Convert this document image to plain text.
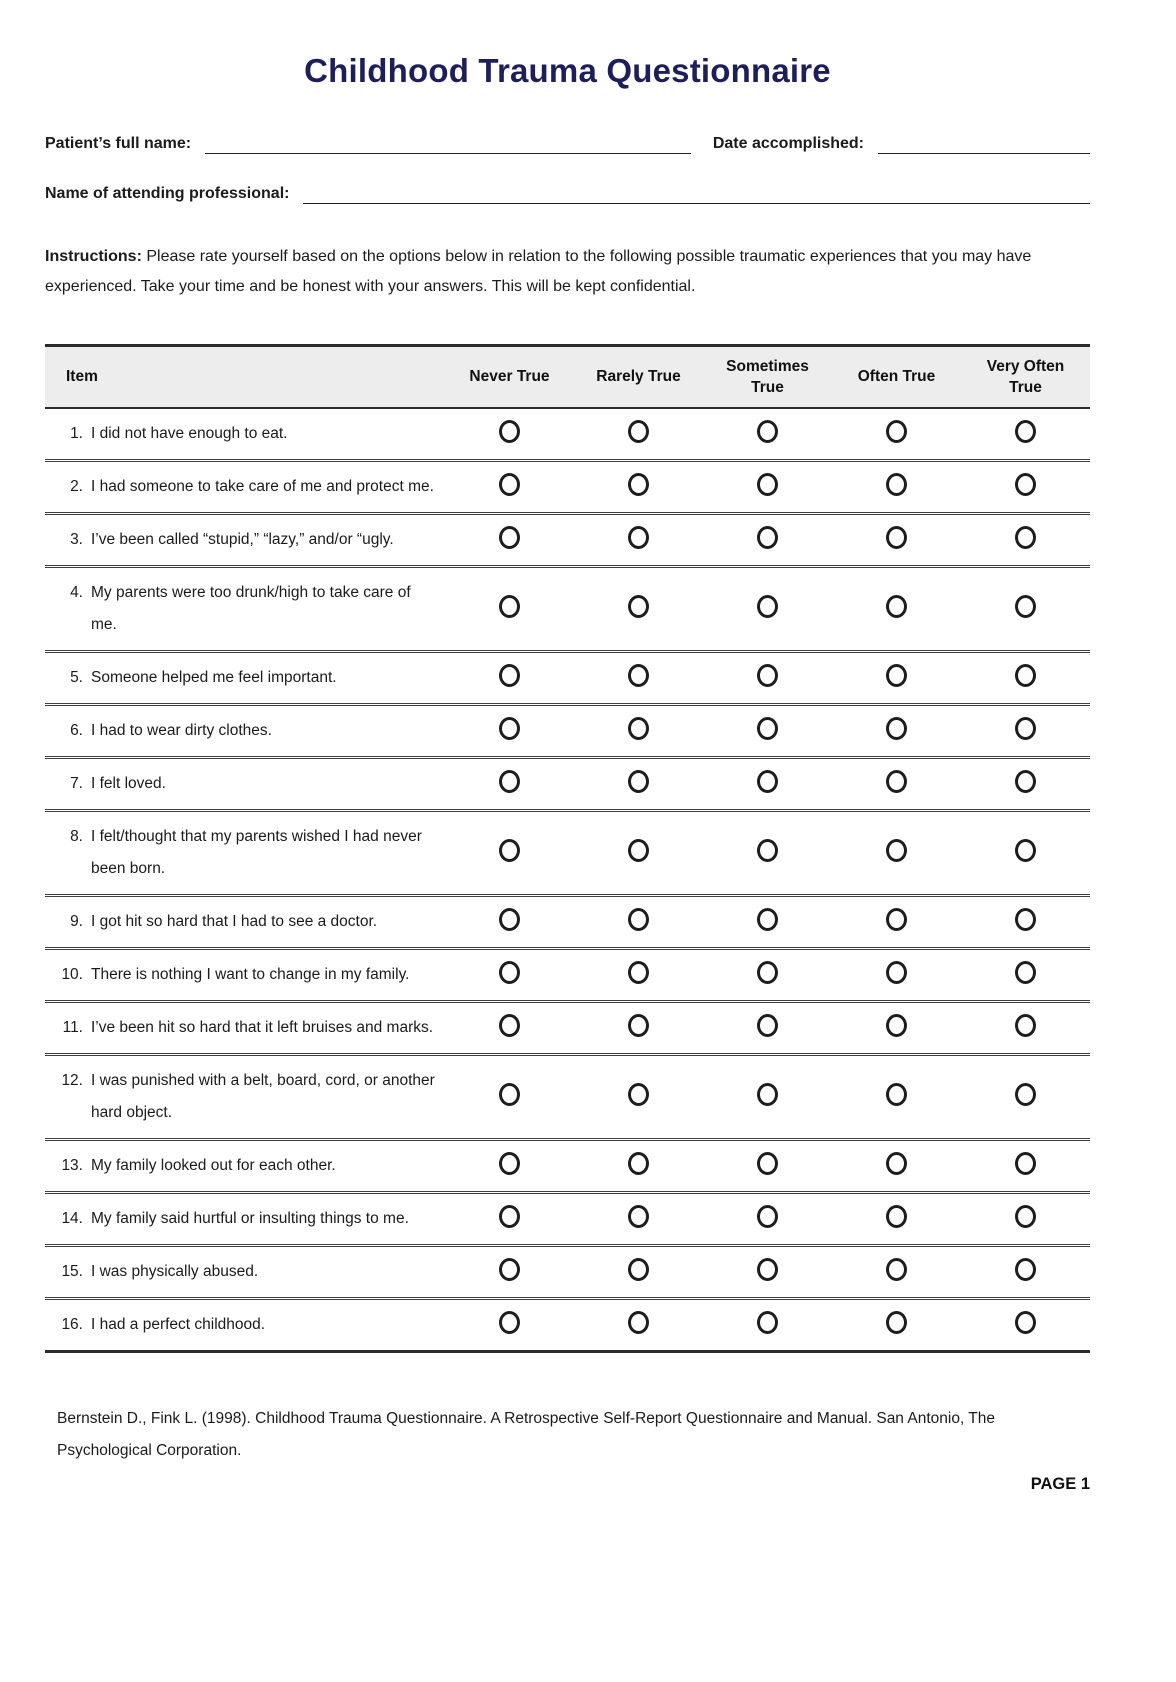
Childhood Trauma Questionnaire
Patient’s full name:	Date accomplished:
Name of attending professional:

Instructions: Please rate yourself based on the options below in relation to the following possible traumatic experiences that you may have experienced. Take your time and be honest with your answers. This will be kept confidential.

Item	Never True	Rarely True	Sometimes True	Often True	Very Often True

1. I did not have enough to eat.					

2. I had someone to take care of me and protect me.					

3. I’ve been called “stupid,” “lazy,” and/or “ugly.					

4. My parents were too drunk/high to take care of me.					

5. Someone helped me feel important.					

6. I had to wear dirty clothes.					

7. I felt loved.					

8. I felt/thought that my parents wished I had never been born.					

9. I got hit so hard that I had to see a doctor.					

10. There is nothing I want to change in my family.					

11. I’ve been hit so hard that it left bruises and marks.					

12. I was punished with a belt, board, cord, or another hard object.					

13. My family looked out for each other.					

14. My family said hurtful or insulting things to me.					

15. I was physically abused.					

16. I had a perfect childhood.					

Bernstein D., Fink L. (1998). Childhood Trauma Questionnaire. A Retrospective Self-Report Questionnaire and Manual. San Antonio, The Psychological Corporation.

PAGE 1
